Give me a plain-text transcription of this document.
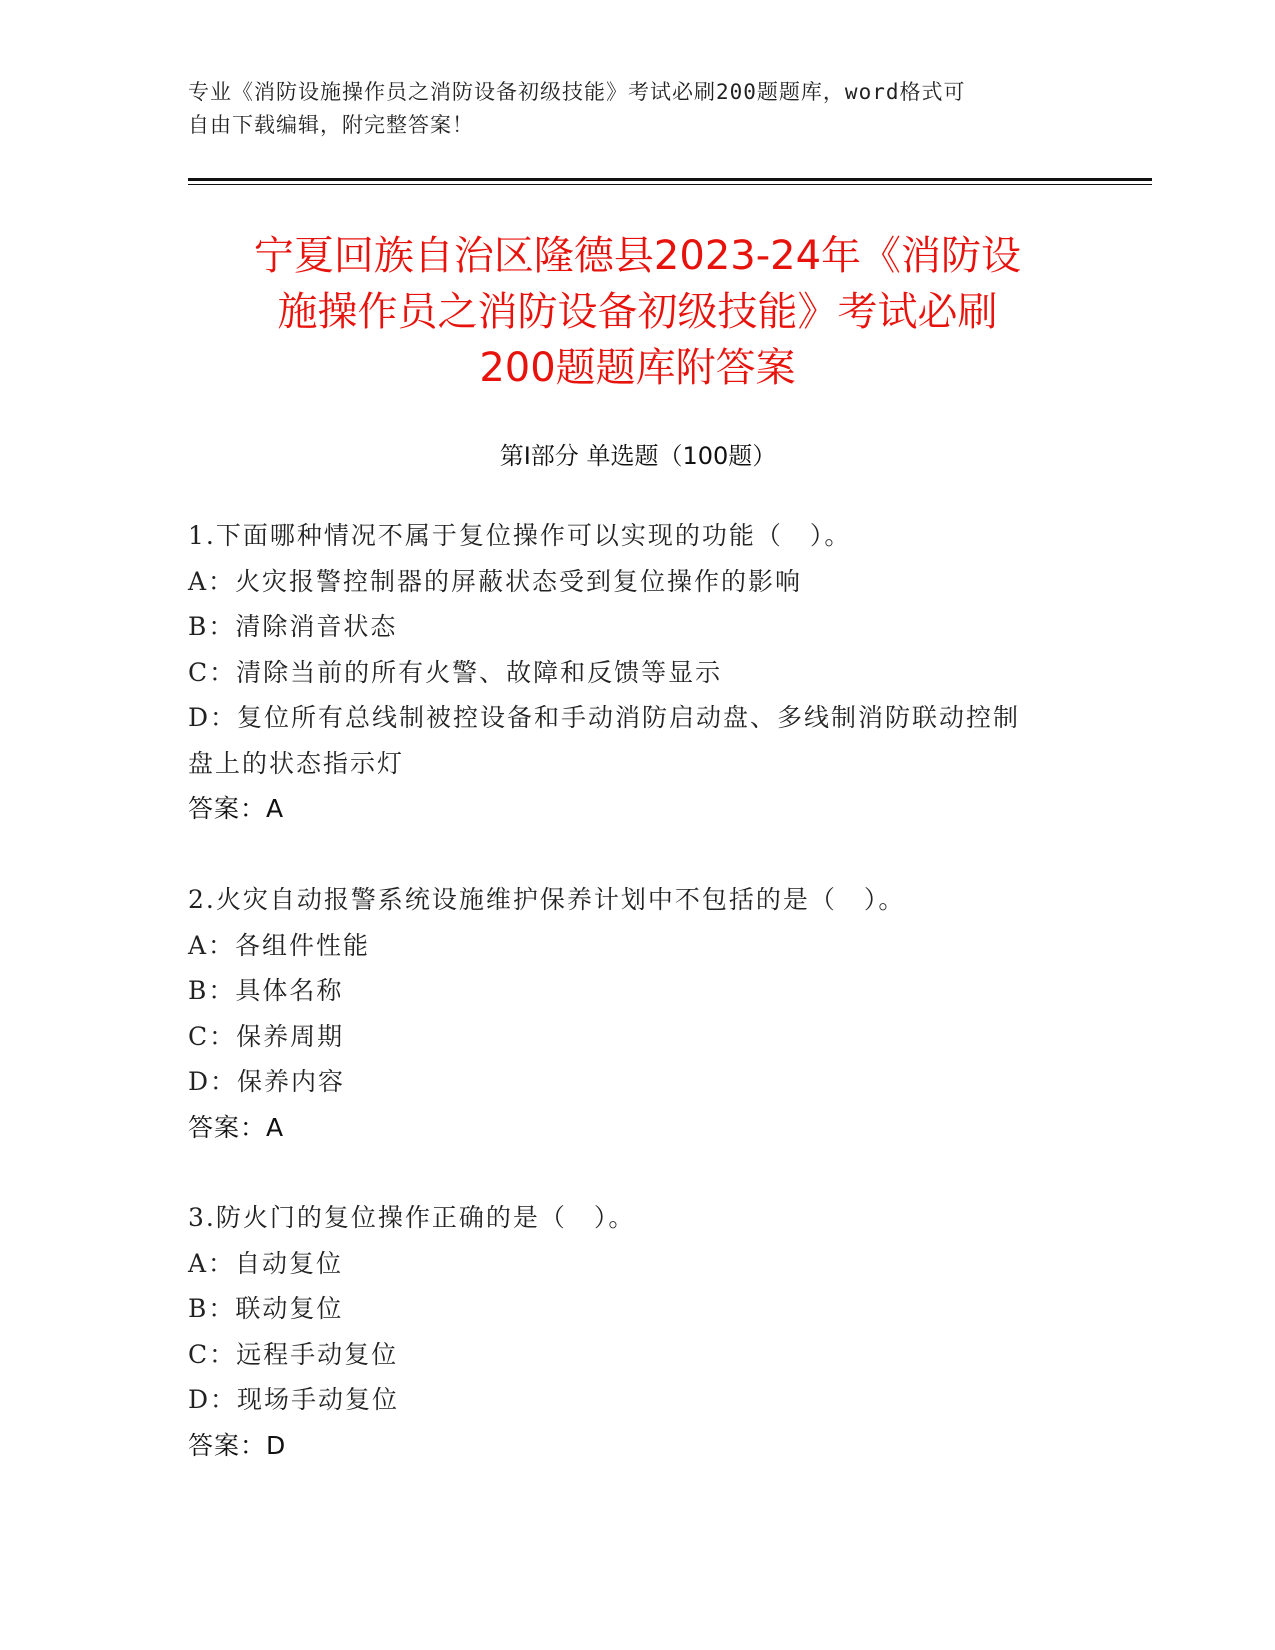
专业《消防设施操作员之消防设备初级技能》考试必刷200题题库，word格式可
自由下载编辑，附完整答案！
宁夏回族自治区隆德县2023-24年《消防设
施操作员之消防设备初级技能》考试必刷
200题题库附答案
第Ⅰ部分 单选题（100题）
1.下面哪种情况不属于复位操作可以实现的功能（　）。
A：火灾报警控制器的屏蔽状态受到复位操作的影响
B：清除消音状态
C：清除当前的所有火警、故障和反馈等显示
D：复位所有总线制被控设备和手动消防启动盘、多线制消防联动控制
盘上的状态指示灯
答案：A
2.火灾自动报警系统设施维护保养计划中不包括的是（　）。
A：各组件性能
B：具体名称
C：保养周期
D：保养内容
答案：A
3.防火门的复位操作正确的是（　）。
A：自动复位
B：联动复位
C：远程手动复位
D：现场手动复位
答案：D
